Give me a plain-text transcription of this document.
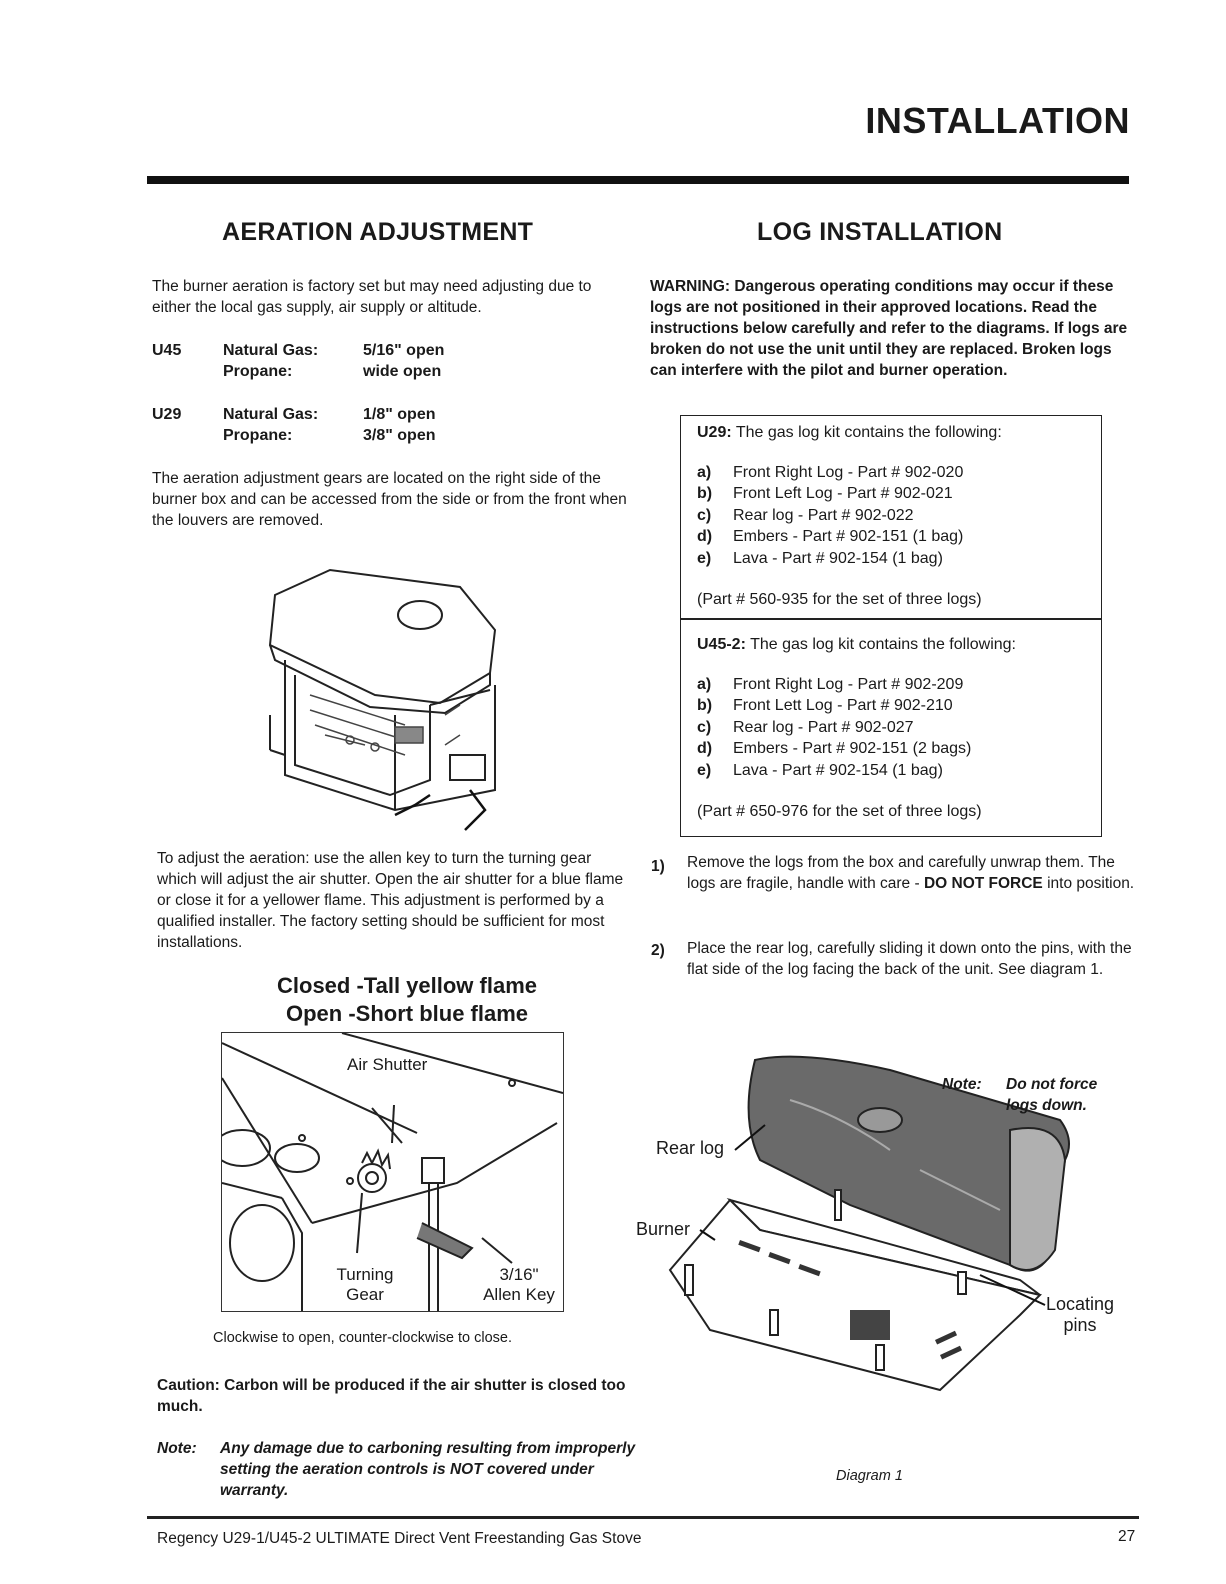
INSTALLATION
AERATION ADJUSTMENT
The burner aeration is factory set but may need adjusting due to either the local gas supply, air supply or altitude.
U45	Natural Gas:	5/16" open
Propane:	wide open
U29	Natural Gas:	1/8" open
Propane:	3/8" open
The aeration adjustment gears are located on the right side of the burner box and can be accessed from the side or from the front when the louvers are removed.
To adjust the aeration: use the allen key to turn the turning gear which will adjust the air shutter. Open the air shutter for a blue flame or close it for a yellower flame. This adjustment is performed by a qualified installer. The factory setting should be sufficient for most installations.
Closed -Tall yellow flame
Open -Short blue flame
Air Shutter
Turning
Gear
3/16"
Allen Key
Clockwise to open, counter-clockwise to close.
Caution: Carbon will be produced if the air shutter is closed too much.
Note: Any damage due to carboning resulting from improperly setting the aeration controls is NOT covered under warranty.
LOG INSTALLATION
WARNING: Dangerous operating conditions may occur if these logs are not positioned in their approved locations. Read the instructions below carefully and refer to the diagrams. If logs are broken do not use the unit until they are replaced. Broken logs can interfere with the pilot and burner operation.
U29: The gas log kit contains the following:
a) Front Right Log - Part # 902-020
b) Front Left Log - Part # 902-021
c) Rear log - Part # 902-022
d) Embers - Part # 902-151 (1 bag)
e) Lava - Part # 902-154 (1 bag)
(Part # 560-935 for the set of three logs)
U45-2: The gas log kit contains the following:
a) Front Right Log - Part # 902-209
b) Front Lett Log - Part # 902-210
c) Rear log - Part # 902-027
d) Embers - Part # 902-151 (2 bags)
e) Lava - Part # 902-154 (1 bag)
(Part # 650-976 for the set of three logs)
1) Remove the logs from the box and carefully unwrap them. The logs are fragile, handle with care - DO NOT FORCE into position.
2) Place the rear log, carefully sliding it down onto the pins, with the flat side of the log facing the back of the unit. See diagram 1.
Note: Do not force
logs down.
Rear log
Burner
Locating
pins
Diagram 1
Regency U29-1/U45-2 ULTIMATE Direct Vent Freestanding Gas Stove	27
